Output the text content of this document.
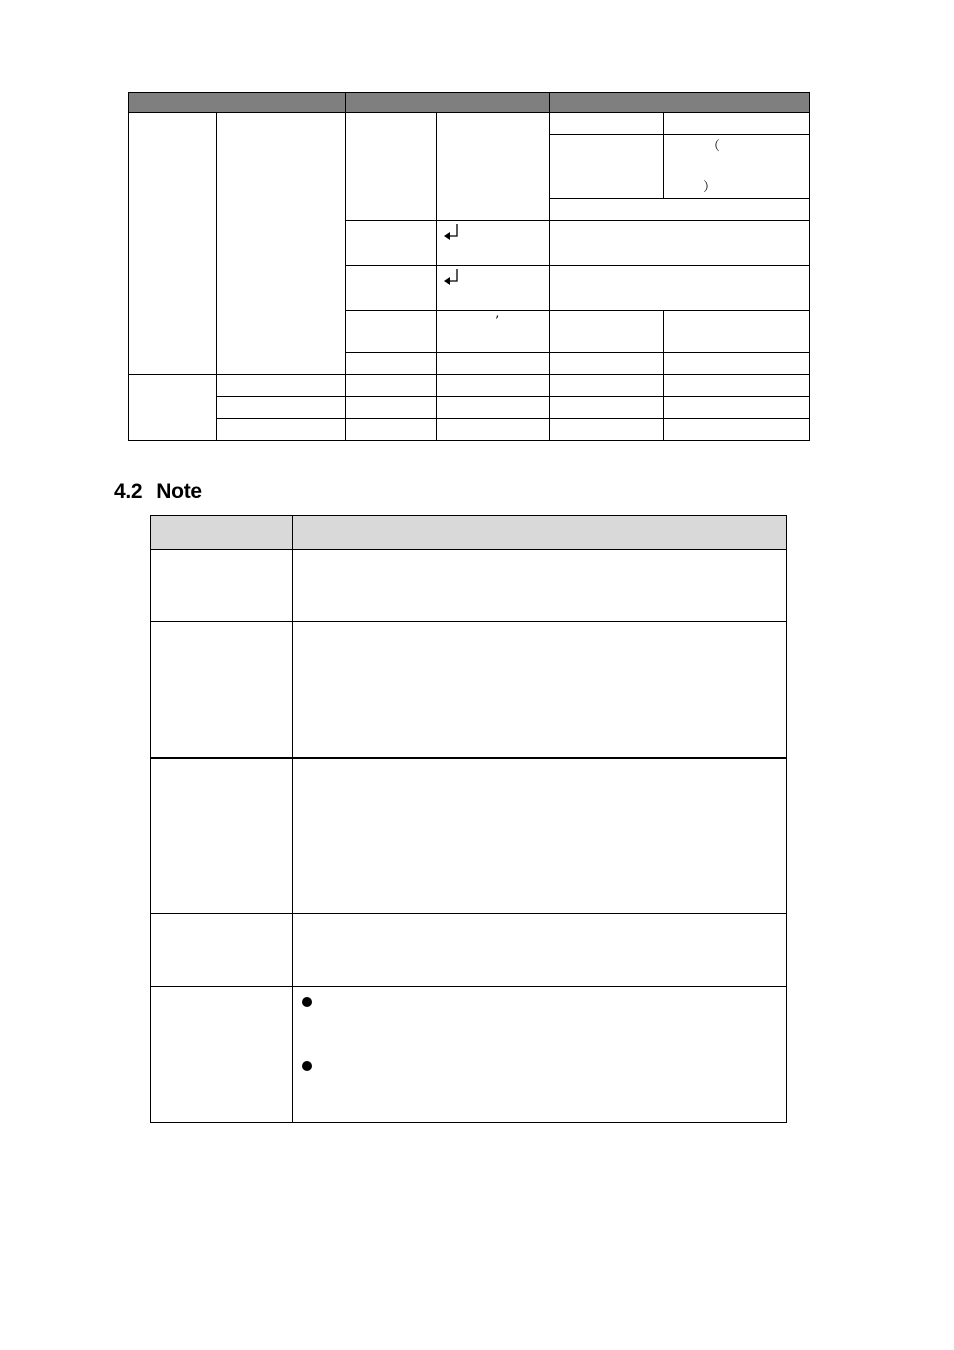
（
）
’
4.2 Note
